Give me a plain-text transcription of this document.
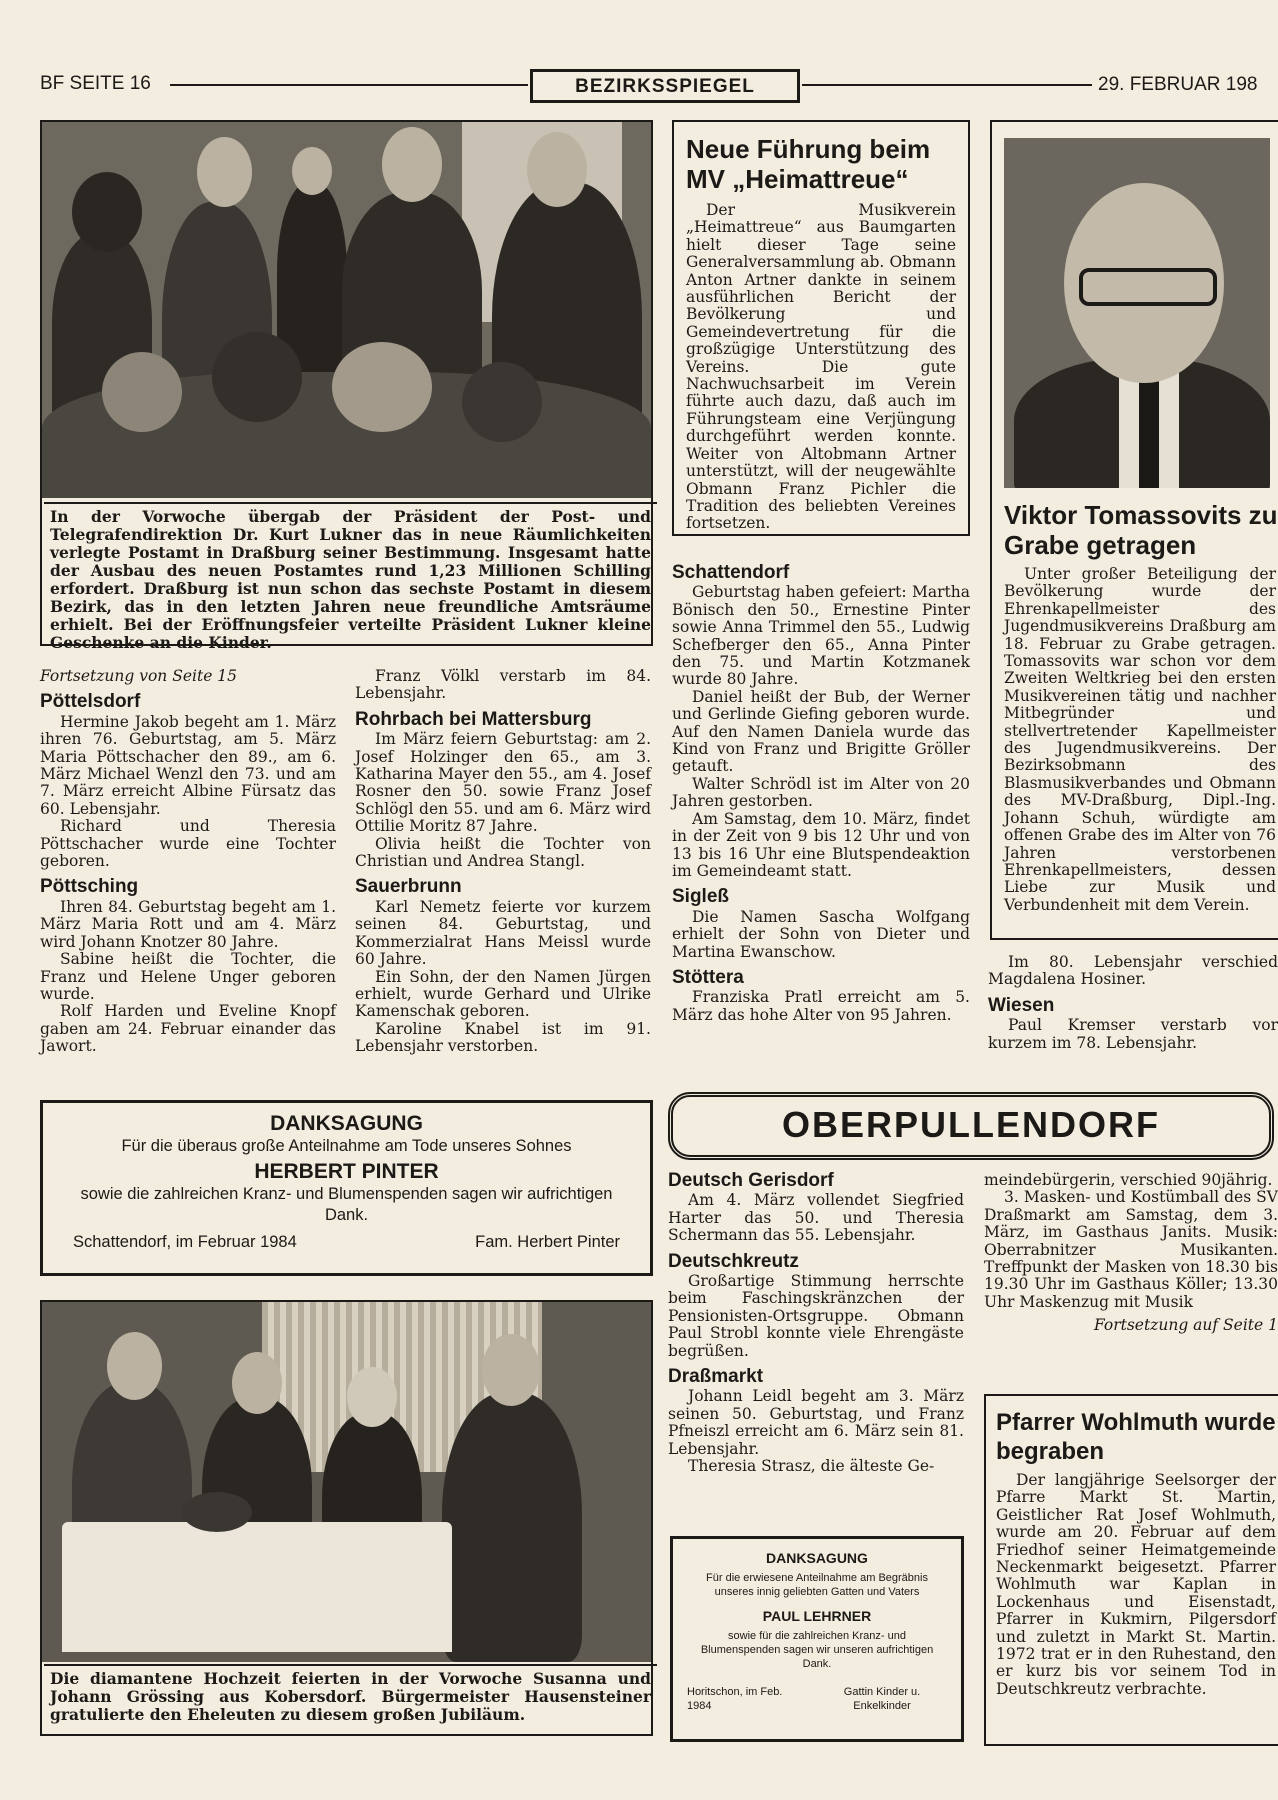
BF SEITE 16	BEZIRKSSPIEGEL	29. FEBRUAR 198
In der Vorwoche übergab der Präsident der Post- und Telegrafendirektion Dr. Kurt Lukner das in neue Räumlichkeiten verlegte Postamt in Draßburg seiner Bestimmung. Insgesamt hatte der Ausbau des neuen Postamtes rund 1,23 Millionen Schilling erfordert. Draßburg ist nun schon das sechste Postamt in diesem Bezirk, das in den letzten Jahren neue freundliche Amtsräume erhielt. Bei der Eröffnungsfeier verteilte Präsident Lukner kleine Geschenke an die Kinder.
Neue Führung beim MV „Heimattreue“

Der Musikverein „Heimattreue“ aus Baumgarten hielt dieser Tage seine Generalversammlung ab. Obmann Anton Artner dankte in seinem ausführlichen Bericht der Bevölkerung und Gemeindevertretung für die großzügige Unterstützung des Vereins. Die gute Nachwuchsarbeit im Verein führte auch dazu, daß auch im Führungsteam eine Verjüngung durchgeführt werden konnte. Weiter von Altobmann Artner unterstützt, will der neugewählte Obmann Franz Pichler die Tradition des beliebten Vereines fortsetzen.	Viktor Tomassovits zu Grabe getragen

Unter großer Beteiligung der Bevölkerung wurde der Ehrenkapellmeister des Jugendmusikvereins Draßburg am 18. Februar zu Grabe getragen. Tomassovits war schon vor dem Zweiten Weltkrieg bei den ersten Musikvereinen tätig und nachher Mitbegründer und stellvertretender Kapellmeister des Jugendmusikvereins. Der Bezirksobmann des Blasmusikverbandes und Obmann des MV-Draßburg, Dipl.-Ing. Johann Schuh, würdigte am offenen Grabe des im Alter von 76 Jahren verstorbenen Ehrenkapellmeisters, dessen Liebe zur Musik und Verbundenheit mit dem Verein.

Fortsetzung von Seite 15
Pöttelsdorf

Hermine Jakob begeht am 1. März ihren 76. Geburtstag, am 5. März Maria Pöttschacher den 89., am 6. März Michael Wenzl den 73. und am 7. März erreicht Albine Fürsatz das 60. Lebensjahr.

Richard und Theresia Pöttschacher wurde eine Tochter geboren.

Pöttsching

Ihren 84. Geburtstag begeht am 1. März Maria Rott und am 4. März wird Johann Knotzer 80 Jahre.

Sabine heißt die Tochter, die Franz und Helene Unger geboren wurde.

Rolf Harden und Eveline Knopf gaben am 24. Februar einander das Jawort.

Franz Völkl verstarb im 84. Lebensjahr.

Rohrbach bei Mattersburg

Im März feiern Geburtstag: am 2. Josef Holzinger den 65., am 3. Katharina Mayer den 55., am 4. Josef Rosner den 50. sowie Franz Josef Schlögl den 55. und am 6. März wird Ottilie Moritz 87 Jahre.

Olivia heißt die Tochter von Christian und Andrea Stangl.

Sauerbrunn

Karl Nemetz feierte vor kurzem seinen 84. Geburtstag, und Kommerzialrat Hans Meissl wurde 60 Jahre.

Ein Sohn, der den Namen Jürgen erhielt, wurde Gerhard und Ulrike Kamenschak geboren.

Karoline Knabel ist im 91. Lebensjahr verstorben.

Schattendorf

Geburtstag haben gefeiert: Martha Bönisch den 50., Ernestine Pinter sowie Anna Trimmel den 55., Ludwig Schefberger den 65., Anna Pinter den 75. und Martin Kotzmanek wurde 80 Jahre.

Daniel heißt der Bub, der Werner und Gerlinde Giefing geboren wurde. Auf den Namen Daniela wurde das Kind von Franz und Brigitte Gröller getauft.

Walter Schrödl ist im Alter von 20 Jahren gestorben.

Am Samstag, dem 10. März, findet in der Zeit von 9 bis 12 Uhr und von 13 bis 16 Uhr eine Blutspendeaktion im Gemeindeamt statt.

Sigleß

Die Namen Sascha Wolfgang erhielt der Sohn von Dieter und Martina Ewanschow.

Stöttera

Franziska Pratl erreicht am 5. März das hohe Alter von 95 Jahren.

Im 80. Lebensjahr verschied Magdalena Hosiner.

Wiesen

Paul Kremser verstarb vor kurzem im 78. Lebensjahr.

DANKSAGUNG
Für die überaus große Anteilnahme am Tode unseres Sohnes
HERBERT PINTER
sowie die zahlreichen Kranz- und Blumenspenden sagen wir aufrichtigen Dank.
Schattendorf, im Februar 1984	Fam. Herbert Pinter
Die diamantene Hochzeit feierten in der Vorwoche Susanna und Johann Grössing aus Kobersdorf. Bürgermeister Hausensteiner gratulierte den Eheleuten zu diesem großen Jubiläum.
OBERPULLENDORF
Deutsch Gerisdorf

Am 4. März vollendet Siegfried Harter das 50. und Theresia Schermann das 55. Lebensjahr.

Deutschkreutz

Großartige Stimmung herrschte beim Faschingskränzchen der Pensionisten-Ortsgruppe. Obmann Paul Strobl konnte viele Ehrengäste begrüßen.

Draßmarkt

Johann Leidl begeht am 3. März seinen 50. Geburtstag, und Franz Pfneiszl erreicht am 6. März sein 81. Lebensjahr.

Theresia Strasz, die älteste Ge-

meindebürgerin, verschied 90jährig.

3. Masken- und Kostümball des SV Draßmarkt am Samstag, dem 3. März, im Gasthaus Janits. Musik: Oberrabnitzer Musikanten. Treffpunkt der Masken von 18.30 bis 19.30 Uhr im Gasthaus Köller; 13.30 Uhr Maskenzug mit Musik

Fortsetzung auf Seite 1
DANKSAGUNG
Für die erwiesene Anteilnahme am Begräbnis unseres innig geliebten Gatten und Vaters
PAUL LEHRNER
sowie für die zahlreichen Kranz- und Blumenspenden sagen wir unseren aufrichtigen Dank.
Horitschon, im Feb. 1984
Gattin Kinder u. Enkelkinder
Pfarrer Wohlmuth wurde begraben

Der langjährige Seelsorger der Pfarre Markt St. Martin, Geistlicher Rat Josef Wohlmuth, wurde am 20. Februar auf dem Friedhof seiner Heimatgemeinde Neckenmarkt beigesetzt. Pfarrer Wohlmuth war Kaplan in Lockenhaus und Eisenstadt, Pfarrer in Kukmirn, Pilgersdorf und zuletzt in Markt St. Martin. 1972 trat er in den Ruhestand, den er kurz bis vor seinem Tod in Deutschkreutz verbrachte.
